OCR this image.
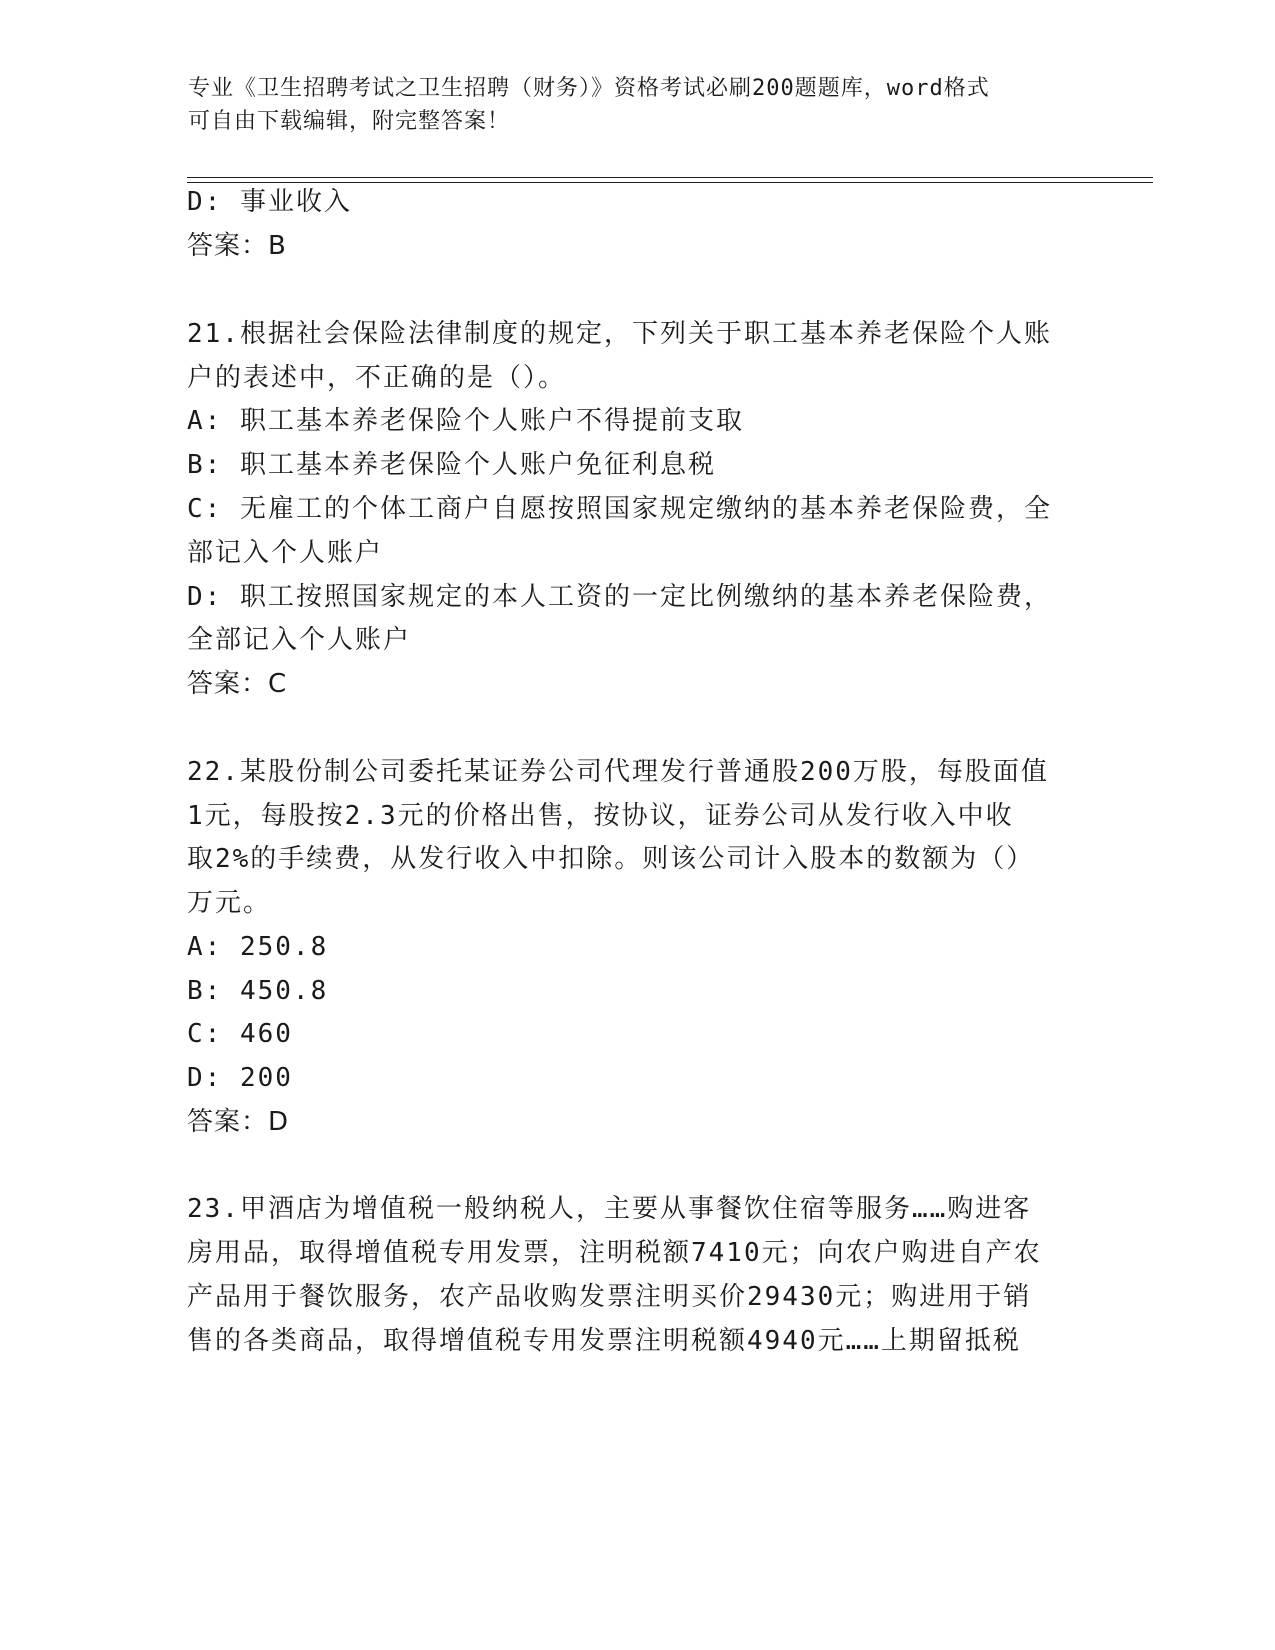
专业《卫生招聘考试之卫生招聘（财务）》资格考试必刷200题题库，word格式
可自由下载编辑，附完整答案！
D: 事业收入
答案：B
21.根据社会保险法律制度的规定，下列关于职工基本养老保险个人账
户的表述中，不正确的是（）。
A: 职工基本养老保险个人账户不得提前支取
B: 职工基本养老保险个人账户免征利息税
C: 无雇工的个体工商户自愿按照国家规定缴纳的基本养老保险费，全
部记入个人账户
D: 职工按照国家规定的本人工资的一定比例缴纳的基本养老保险费，
全部记入个人账户
答案：C
22.某股份制公司委托某证券公司代理发行普通股200万股，每股面值
1元，每股按2.3元的价格出售，按协议，证券公司从发行收入中收
取2%的手续费，从发行收入中扣除。则该公司计入股本的数额为（）
万元。
A: 250.8
B: 450.8
C: 460
D: 200
答案：D
23.甲酒店为增值税一般纳税人，主要从事餐饮住宿等服务……购进客
房用品，取得增值税专用发票，注明税额7410元；向农户购进自产农
产品用于餐饮服务，农产品收购发票注明买价29430元；购进用于销
售的各类商品，取得增值税专用发票注明税额4940元……上期留抵税
